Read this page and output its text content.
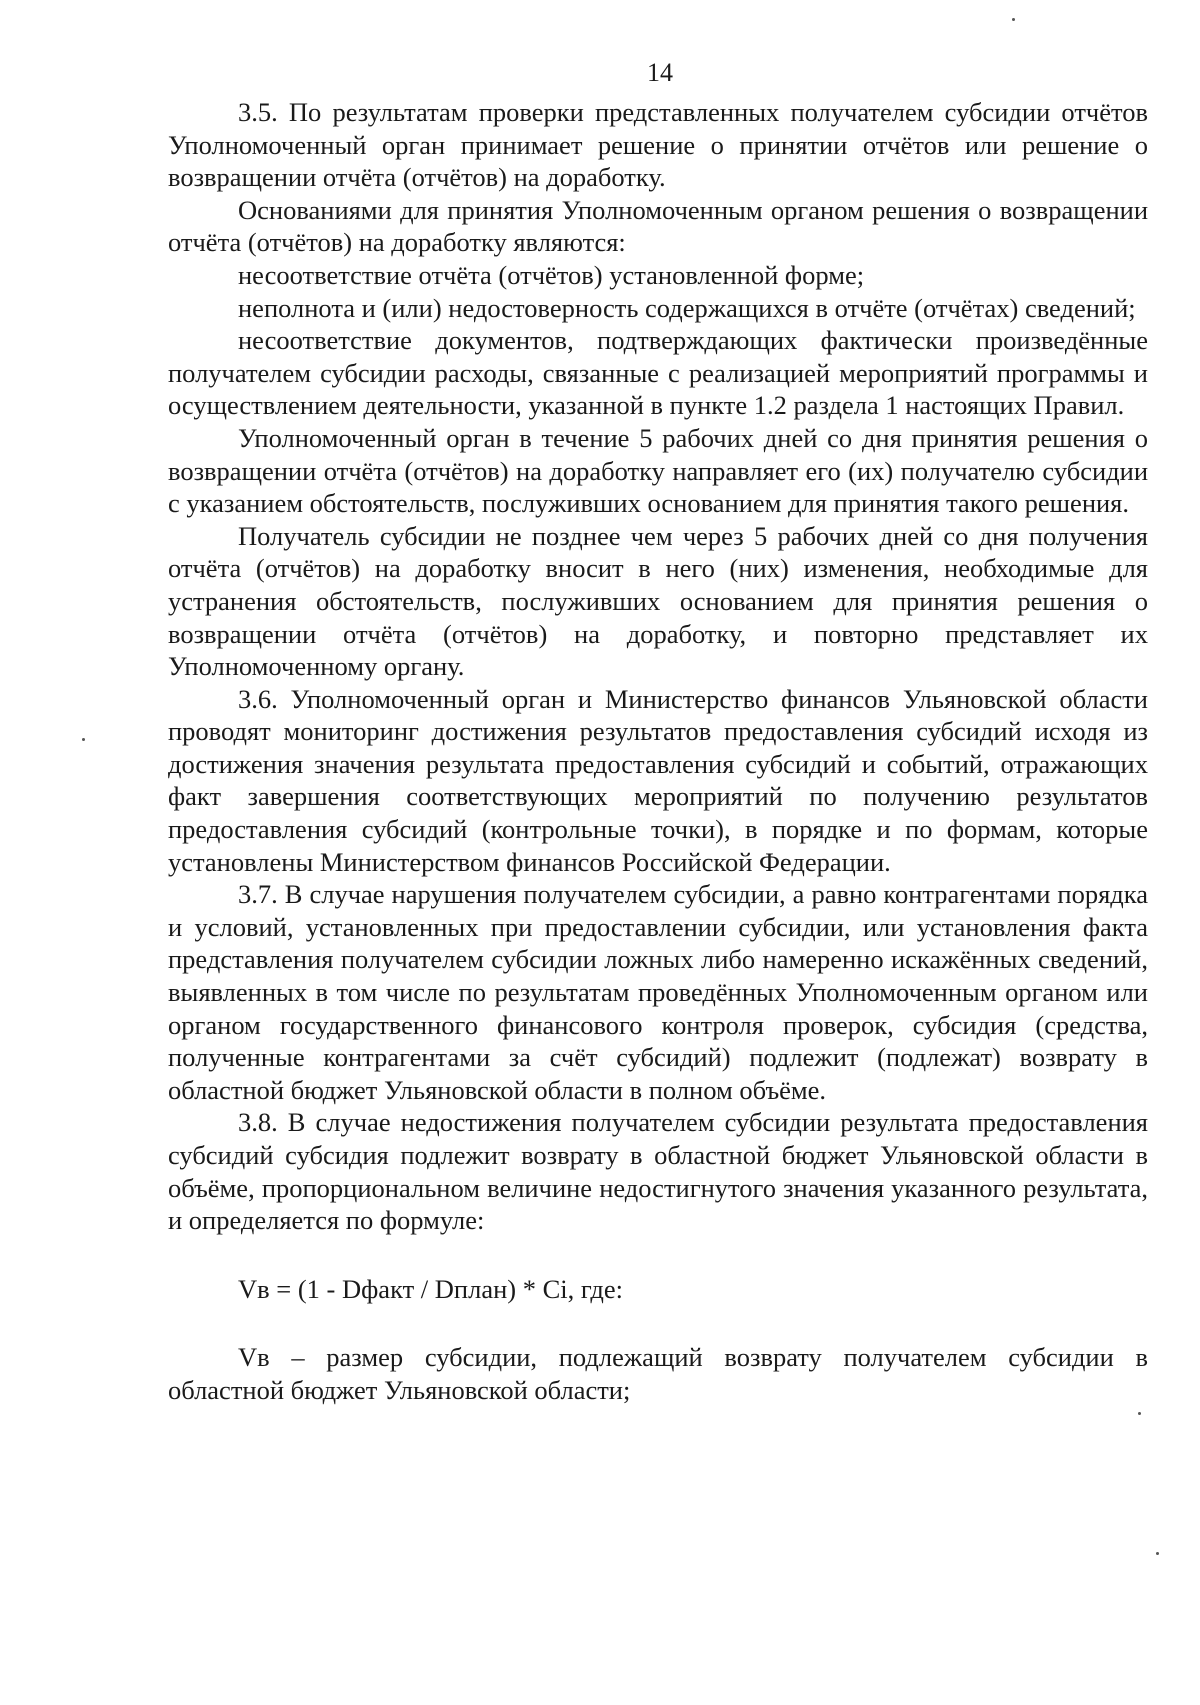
14

3.5. По результатам проверки представленных получателем субсидии отчётов Уполномоченный орган принимает решение о принятии отчётов или решение о возвращении отчёта (отчётов) на доработку.

Основаниями для принятия Уполномоченным органом решения о возвращении отчёта (отчётов) на доработку являются:

несоответствие отчёта (отчётов) установленной форме;

неполнота и (или) недостоверность содержащихся в отчёте (отчётах) сведений;

несоответствие документов, подтверждающих фактически произведённые получателем субсидии расходы, связанные с реализацией мероприятий программы и осуществлением деятельности, указанной в пункте 1.2 раздела 1 настоящих Правил.

Уполномоченный орган в течение 5 рабочих дней со дня принятия решения о возвращении отчёта (отчётов) на доработку направляет его (их) получателю субсидии с указанием обстоятельств, послуживших основанием для принятия такого решения.

Получатель субсидии не позднее чем через 5 рабочих дней со дня получения отчёта (отчётов) на доработку вносит в него (них) изменения, необходимые для устранения обстоятельств, послуживших основанием для принятия решения о возвращении отчёта (отчётов) на доработку, и повторно представляет их Уполномоченному органу.

3.6. Уполномоченный орган и Министерство финансов Ульяновской области проводят мониторинг достижения результатов предоставления субсидий исходя из достижения значения результата предоставления субсидий и событий, отражающих факт завершения соответствующих мероприятий по получению результатов предоставления субсидий (контрольные точки), в порядке и по формам, которые установлены Министерством финансов Российской Федерации.

3.7. В случае нарушения получателем субсидии, а равно контрагентами порядка и условий, установленных при предоставлении субсидии, или установления факта представления получателем субсидии ложных либо намеренно искажённых сведений, выявленных в том числе по результатам проведённых Уполномоченным органом или органом государственного финансового контроля проверок, субсидия (средства, полученные контрагентами за счёт субсидий) подлежит (подлежат) возврату в областной бюджет Ульяновской области в полном объёме.

3.8. В случае недостижения получателем субсидии результата предоставления субсидий субсидия подлежит возврату в областной бюджет Ульяновской области в объёме, пропорциональном величине недостигнутого значения указанного результата, и определяется по формуле:

Vв = (1 - Dфакт / Dплан) * Ci, где:

Vв – размер субсидии, подлежащий возврату получателем субсидии в областной бюджет Ульяновской области;
